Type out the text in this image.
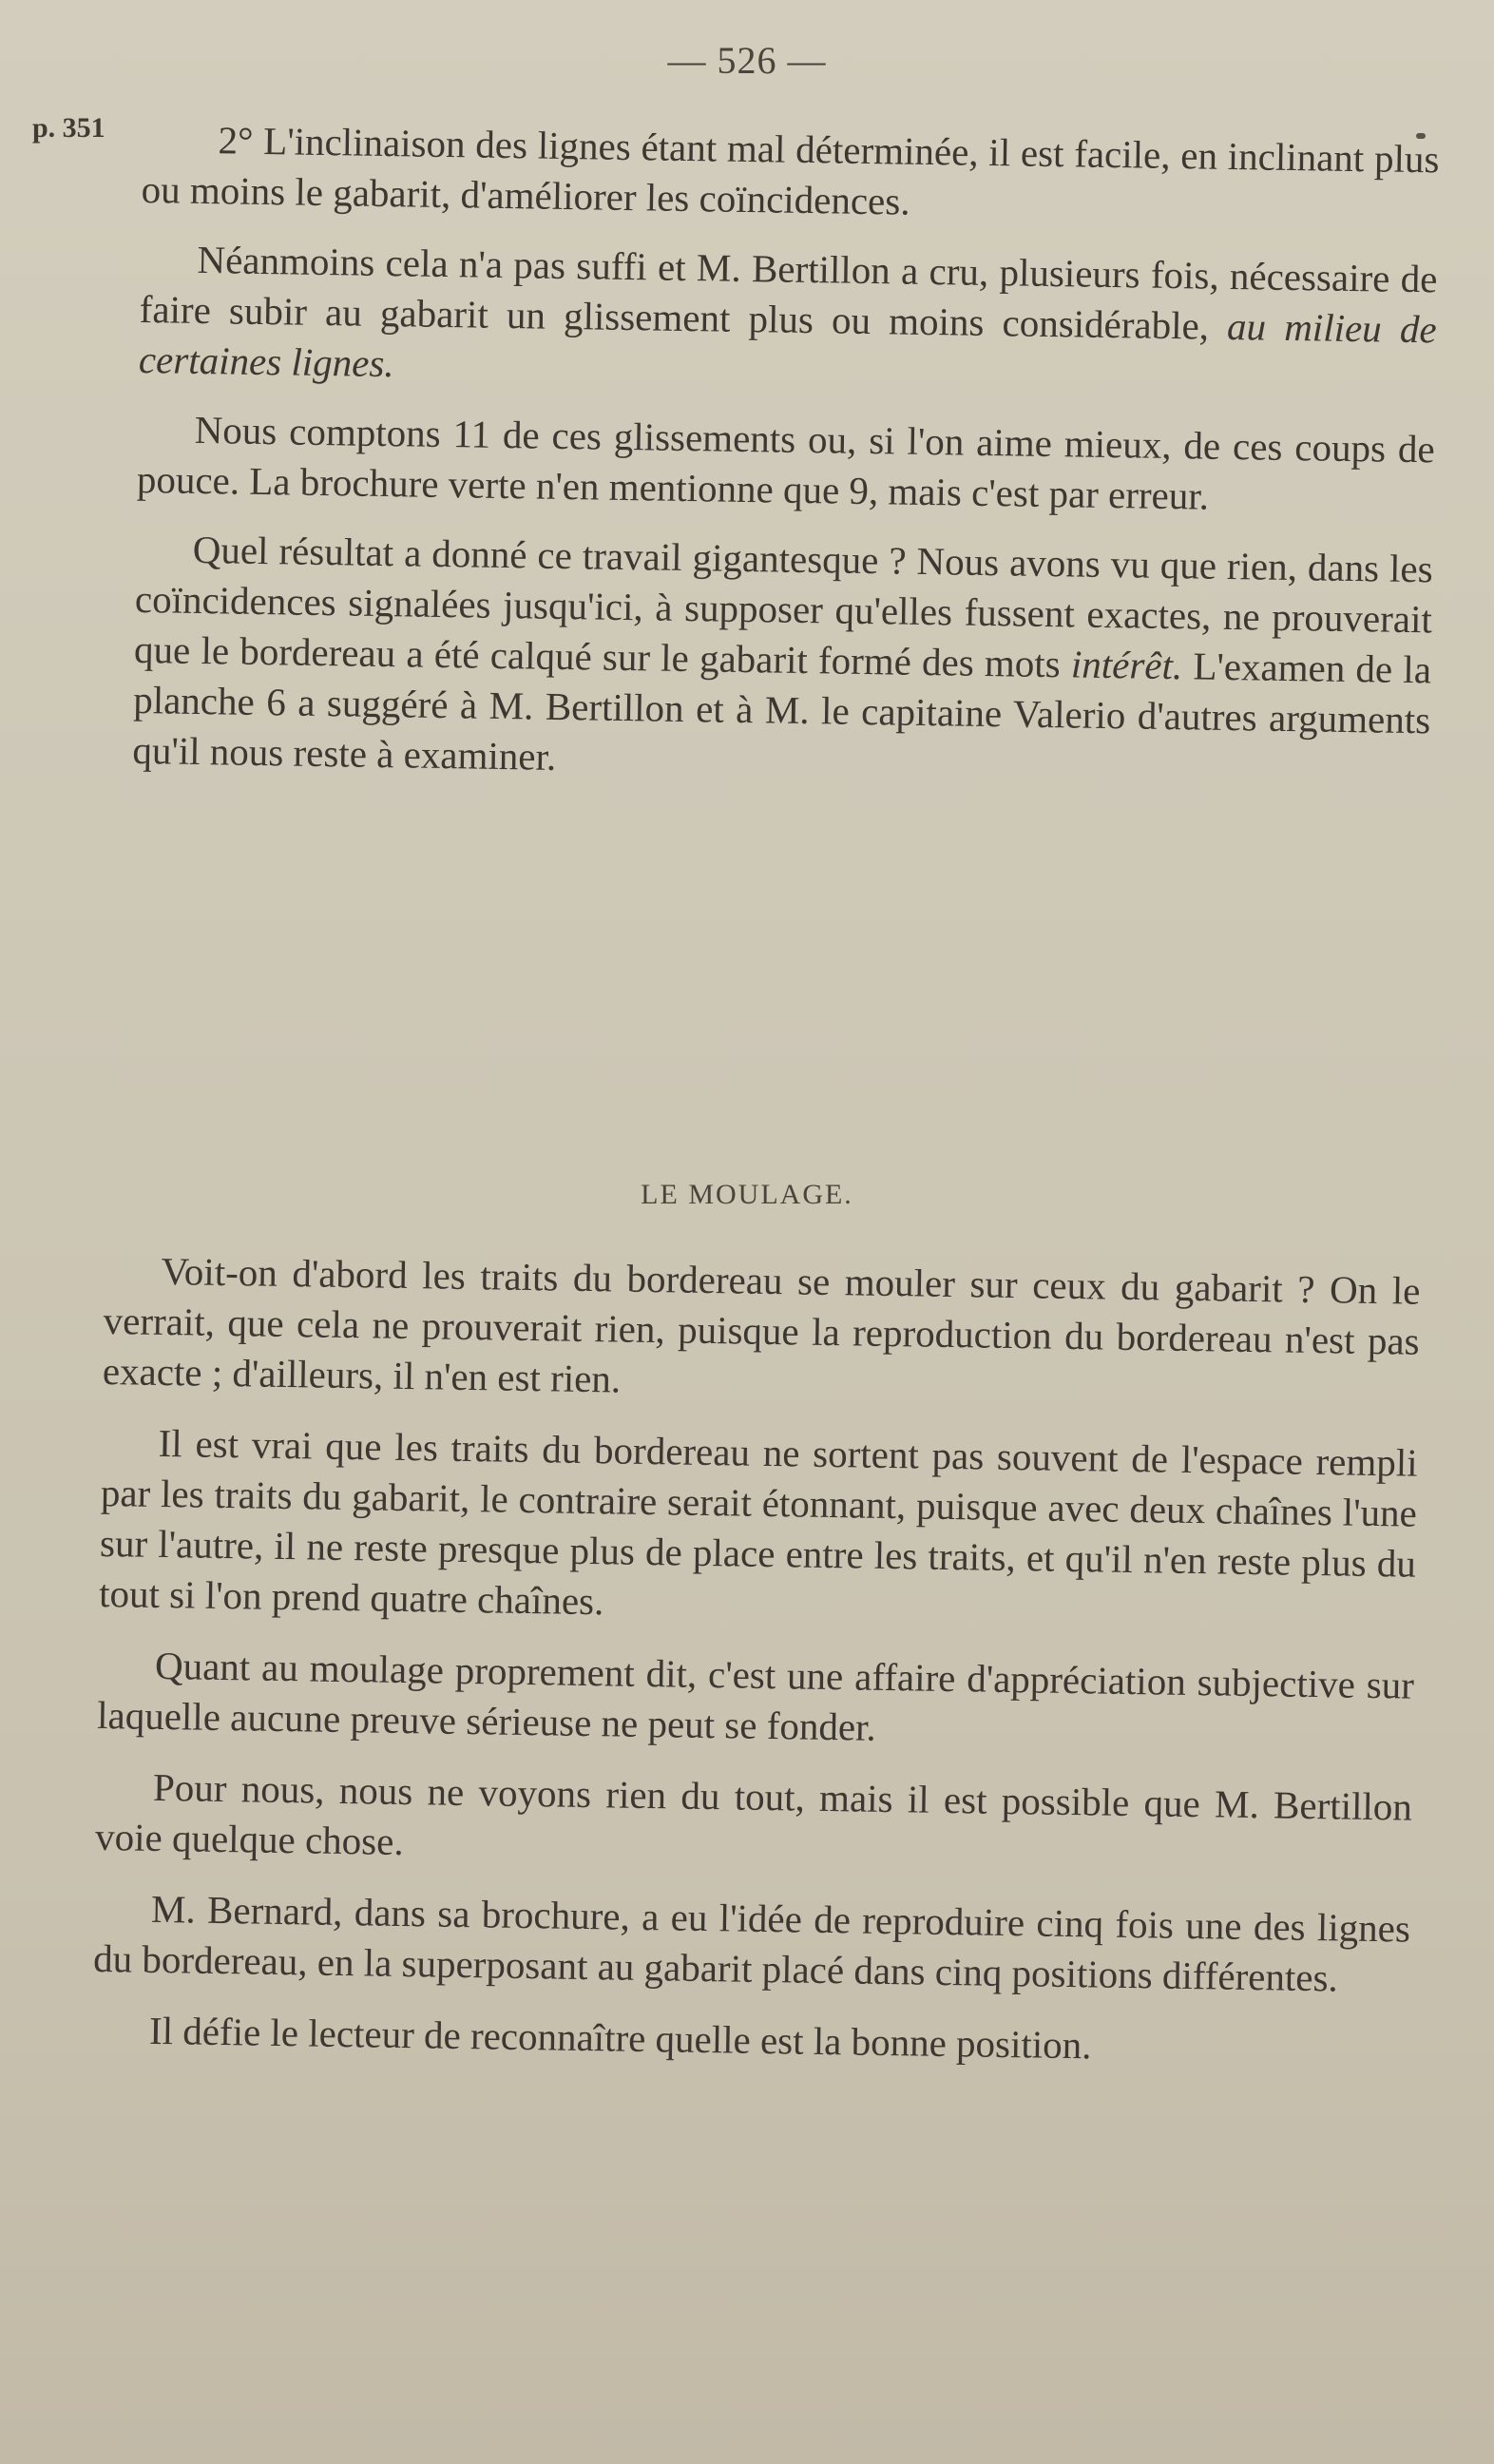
— 526 —
p. 351	2° L'inclinaison des lignes étant mal déterminée, il est facile, en inclinant plus ou moins le gabarit, d'améliorer les coïncidences.

Néanmoins cela n'a pas suffi et M. Bertillon a cru, plusieurs fois, nécessaire de faire subir au gabarit un glissement plus ou moins considérable, au milieu de certaines lignes.

Nous comptons 11 de ces glissements ou, si l'on aime mieux, de ces coups de pouce. La brochure verte n'en mentionne que 9, mais c'est par erreur.

Quel résultat a donné ce travail gigantesque ? Nous avons vu que rien, dans les coïncidences signalées jusqu'ici, à supposer qu'elles fussent exactes, ne prouverait que le bordereau a été calqué sur le gabarit formé des mots intérêt. L'examen de la planche 6 a suggéré à M. Bertillon et à M. le capitaine Valerio d'autres arguments qu'il nous reste à examiner.

LE MOULAGE.

Voit-on d'abord les traits du bordereau se mouler sur ceux du gabarit ? On le verrait, que cela ne prouverait rien, puisque la reproduction du bordereau n'est pas exacte ; d'ailleurs, il n'en est rien.

Il est vrai que les traits du bordereau ne sortent pas souvent de l'espace rempli par les traits du gabarit, le contraire serait étonnant, puisque avec deux chaînes l'une sur l'autre, il ne reste presque plus de place entre les traits, et qu'il n'en reste plus du tout si l'on prend quatre chaînes.

Quant au moulage proprement dit, c'est une affaire d'appréciation subjective sur laquelle aucune preuve sérieuse ne peut se fonder.

Pour nous, nous ne voyons rien du tout, mais il est possible que M. Bertillon voie quelque chose.

M. Bernard, dans sa brochure, a eu l'idée de reproduire cinq fois une des lignes du bordereau, en la superposant au gabarit placé dans cinq positions différentes.

Il défie le lecteur de reconnaître quelle est la bonne position.
